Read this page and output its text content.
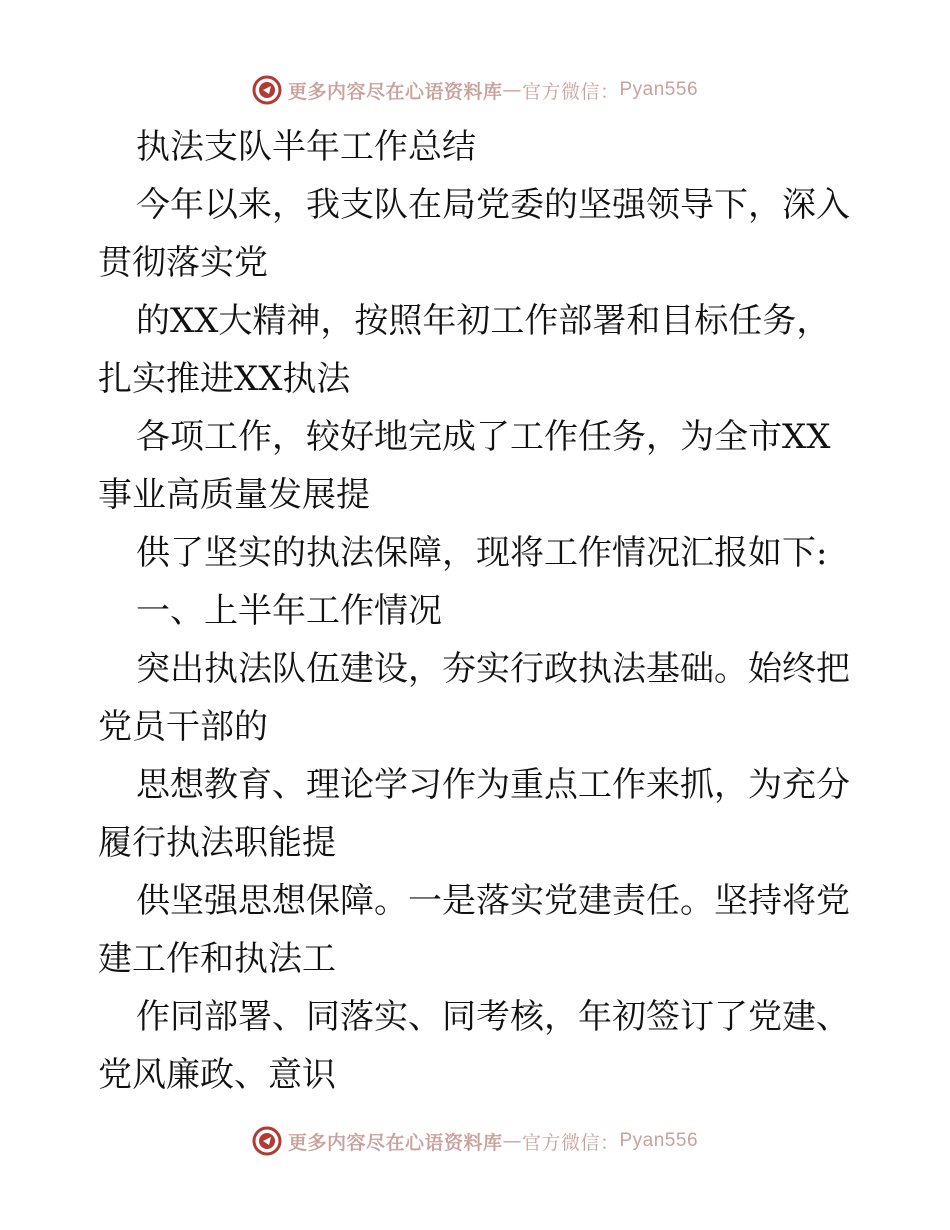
更多内容尽在心语资料库 — 官方微信： Pyan556
执法支队半年工作总结
今年以来，我支队在局党委的坚强领导下，深入
贯彻落实党
的XX大精神，按照年初工作部署和目标任务，
扎实推进XX执法
各项工作，较好地完成了工作任务，为全市XX
事业高质量发展提
供了坚实的执法保障，现将工作情况汇报如下:
一、上半年工作情况
突出执法队伍建设，夯实行政执法基础。始终把
党员干部的
思想教育、理论学习作为重点工作来抓，为充分
履行执法职能提
供坚强思想保障。一是落实党建责任。坚持将党
建工作和执法工
作同部署、同落实、同考核，年初签订了党建、
党风廉政、意识
更多内容尽在心语资料库 — 官方微信： Pyan556
